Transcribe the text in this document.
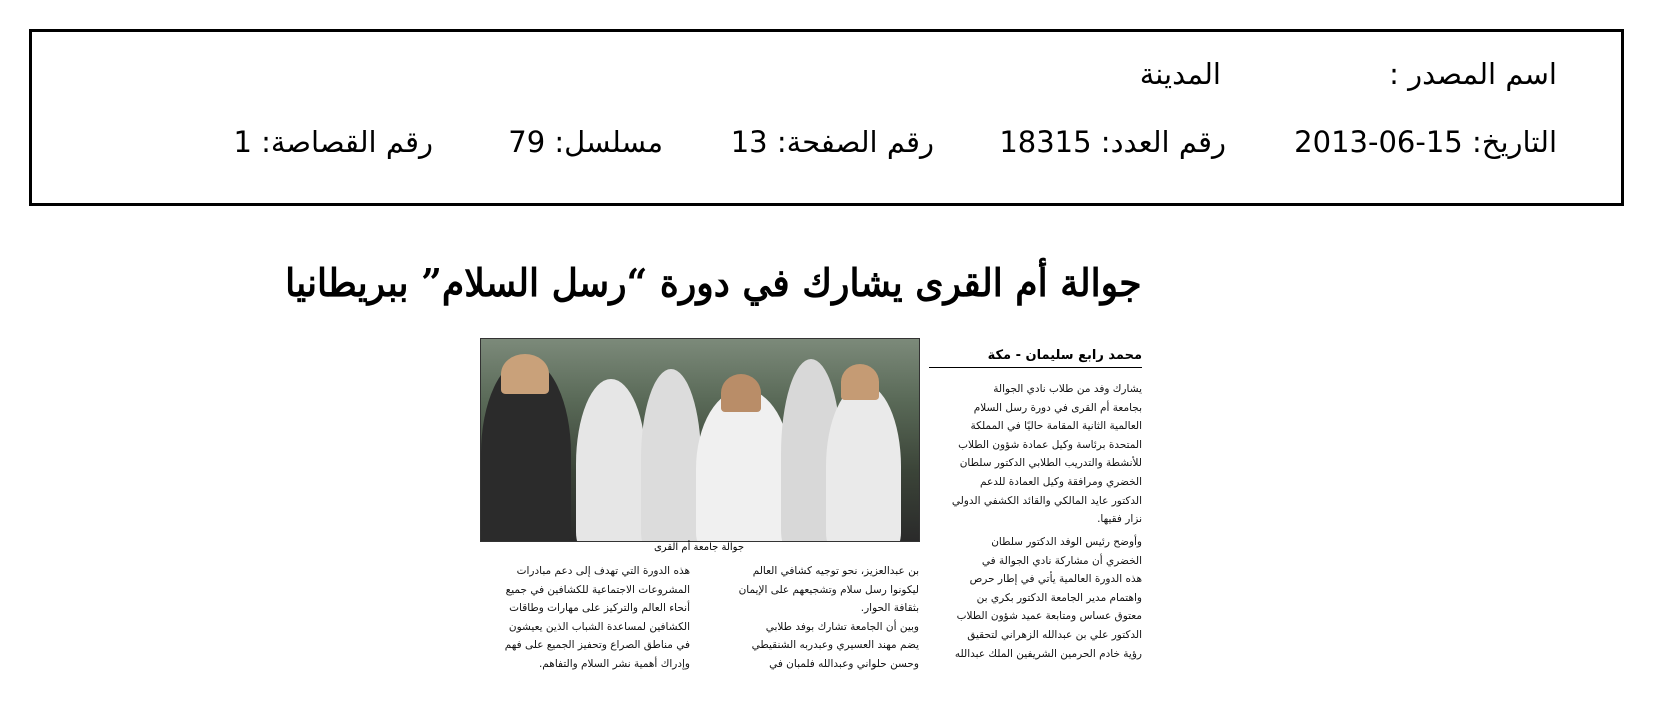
اسم المصدر :
المدينة
التاريخ: 15-06-2013
رقم العدد: 18315
رقم الصفحة: 13
مسلسل: 79
رقم القصاصة: 1
جوالة أم القرى يشارك في دورة “رسل السلام” ببريطانيا
محمد رابع سليمان - مكة
جوالة جامعة أم القرى
يشارك وفد من طلاب نادي الجوالة
بجامعة أم القرى في دورة رسل السلام
العالمية الثانية المقامة حاليًا في المملكة
المتحدة برئاسة وكيل عمادة شؤون الطلاب
للأنشطة والتدريب الطلابي الدكتور سلطان
الخضري ومرافقة وكيل العمادة للدعم
الدكتور عايد المالكي والقائد الكشفي الدولي
نزار فقيها.
وأوضح رئيس الوفد الدكتور سلطان
الخضري أن مشاركة نادي الجوالة في
هذه الدورة العالمية يأتي في إطار حرص
واهتمام مدير الجامعة الدكتور بكري بن
معتوق عساس ومتابعة عميد شؤون الطلاب
الدكتور علي بن عبدالله الزهراني لتحقيق
رؤية خادم الحرمين الشريفين الملك عبدالله
بن عبدالعزيز، نحو توجيه كشافي العالم
ليكونوا رسل سلام وتشجيعهم على الإيمان
بثقافة الحوار.
وبين أن الجامعة تشارك بوفد طلابي
يضم مهند العسيري وعبدربه الشنقيطي
وحسن حلواني وعبدالله فلمبان في
هذه الدورة التي تهدف إلى دعم مبادرات
المشروعات الاجتماعية للكشافين في جميع
أنحاء العالم والتركيز على مهارات وطاقات
الكشافين لمساعدة الشباب الذين يعيشون
في مناطق الصراع وتحفيز الجميع على فهم
وإدراك أهمية نشر السلام والتفاهم.
